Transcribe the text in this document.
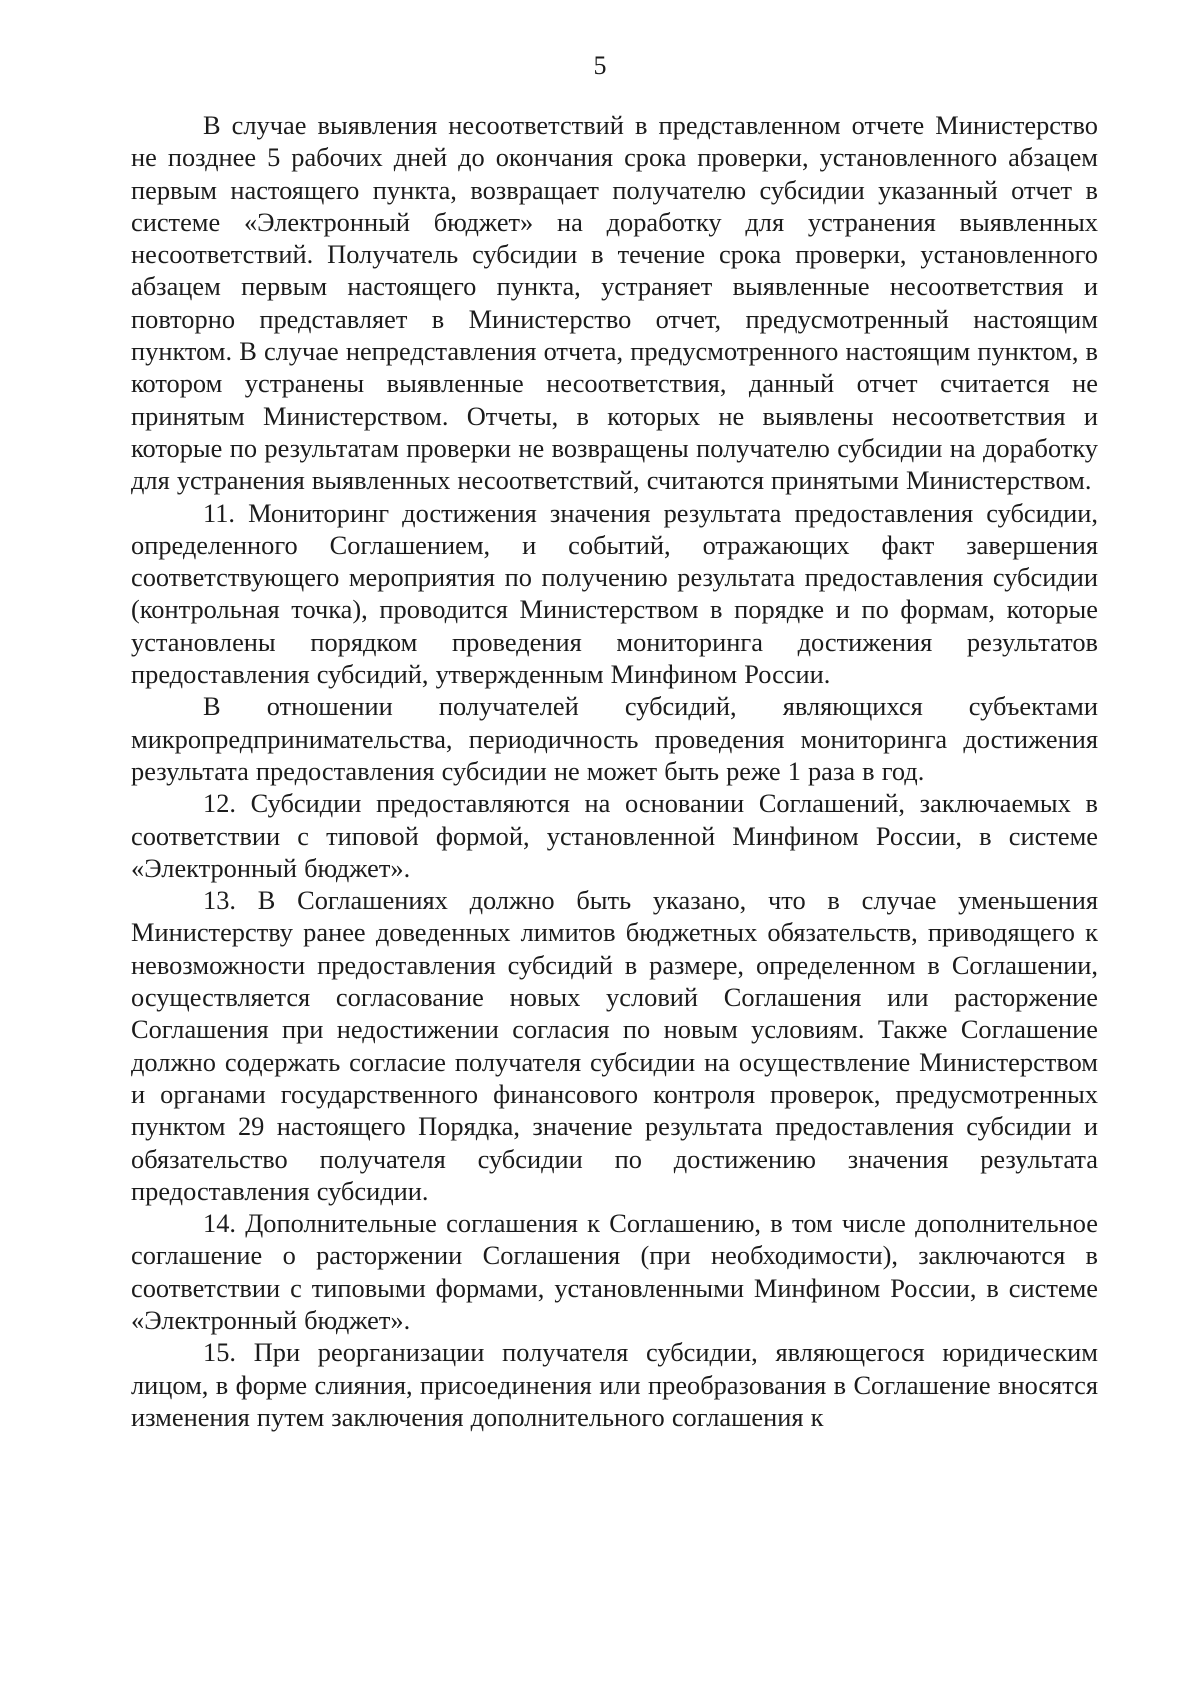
5

В случае выявления несоответствий в представленном отчете Министерство не позднее 5 рабочих дней до окончания срока проверки, установленного абзацем первым настоящего пункта, возвращает получателю субсидии указанный отчет в системе «Электронный бюджет» на доработку для устранения выявленных несоответствий. Получатель субсидии в течение срока проверки, установленного абзацем первым настоящего пункта, устраняет выявленные несоответствия и повторно представляет в Министерство отчет, предусмотренный настоящим пунктом. В случае непредставления отчета, предусмотренного настоящим пунктом, в котором устранены выявленные несоответствия, данный отчет считается не принятым Министерством. Отчеты, в которых не выявлены несоответствия и которые по результатам проверки не возвращены получателю субсидии на доработку для устранения выявленных несоответствий, считаются принятыми Министерством.

11. Мониторинг достижения значения результата предоставления субсидии, определенного Соглашением, и событий, отражающих факт завершения соответствующего мероприятия по получению результата предоставления субсидии (контрольная точка), проводится Министерством в порядке и по формам, которые установлены порядком проведения мониторинга достижения результатов предоставления субсидий, утвержденным Минфином России.

В отношении получателей субсидий, являющихся субъектами микропредпринимательства, периодичность проведения мониторинга достижения результата предоставления субсидии не может быть реже 1 раза в год.

12. Субсидии предоставляются на основании Соглашений, заключаемых в соответствии с типовой формой, установленной Минфином России, в системе «Электронный бюджет».

13. В Соглашениях должно быть указано, что в случае уменьшения Министерству ранее доведенных лимитов бюджетных обязательств, приводящего к невозможности предоставления субсидий в размере, определенном в Соглашении, осуществляется согласование новых условий Соглашения или расторжение Соглашения при недостижении согласия по новым условиям. Также Соглашение должно содержать согласие получателя субсидии на осуществление Министерством и органами государственного финансового контроля проверок, предусмотренных пунктом 29 настоящего Порядка, значение результата предоставления субсидии и обязательство получателя субсидии по достижению значения результата предоставления субсидии.

14. Дополнительные соглашения к Соглашению, в том числе дополнительное соглашение о расторжении Соглашения (при необходимости), заключаются в соответствии с типовыми формами, установленными Минфином России, в системе «Электронный бюджет».

15. При реорганизации получателя субсидии, являющегося юридическим лицом, в форме слияния, присоединения или преобразования в Соглашение вносятся изменения путем заключения дополнительного соглашения к
